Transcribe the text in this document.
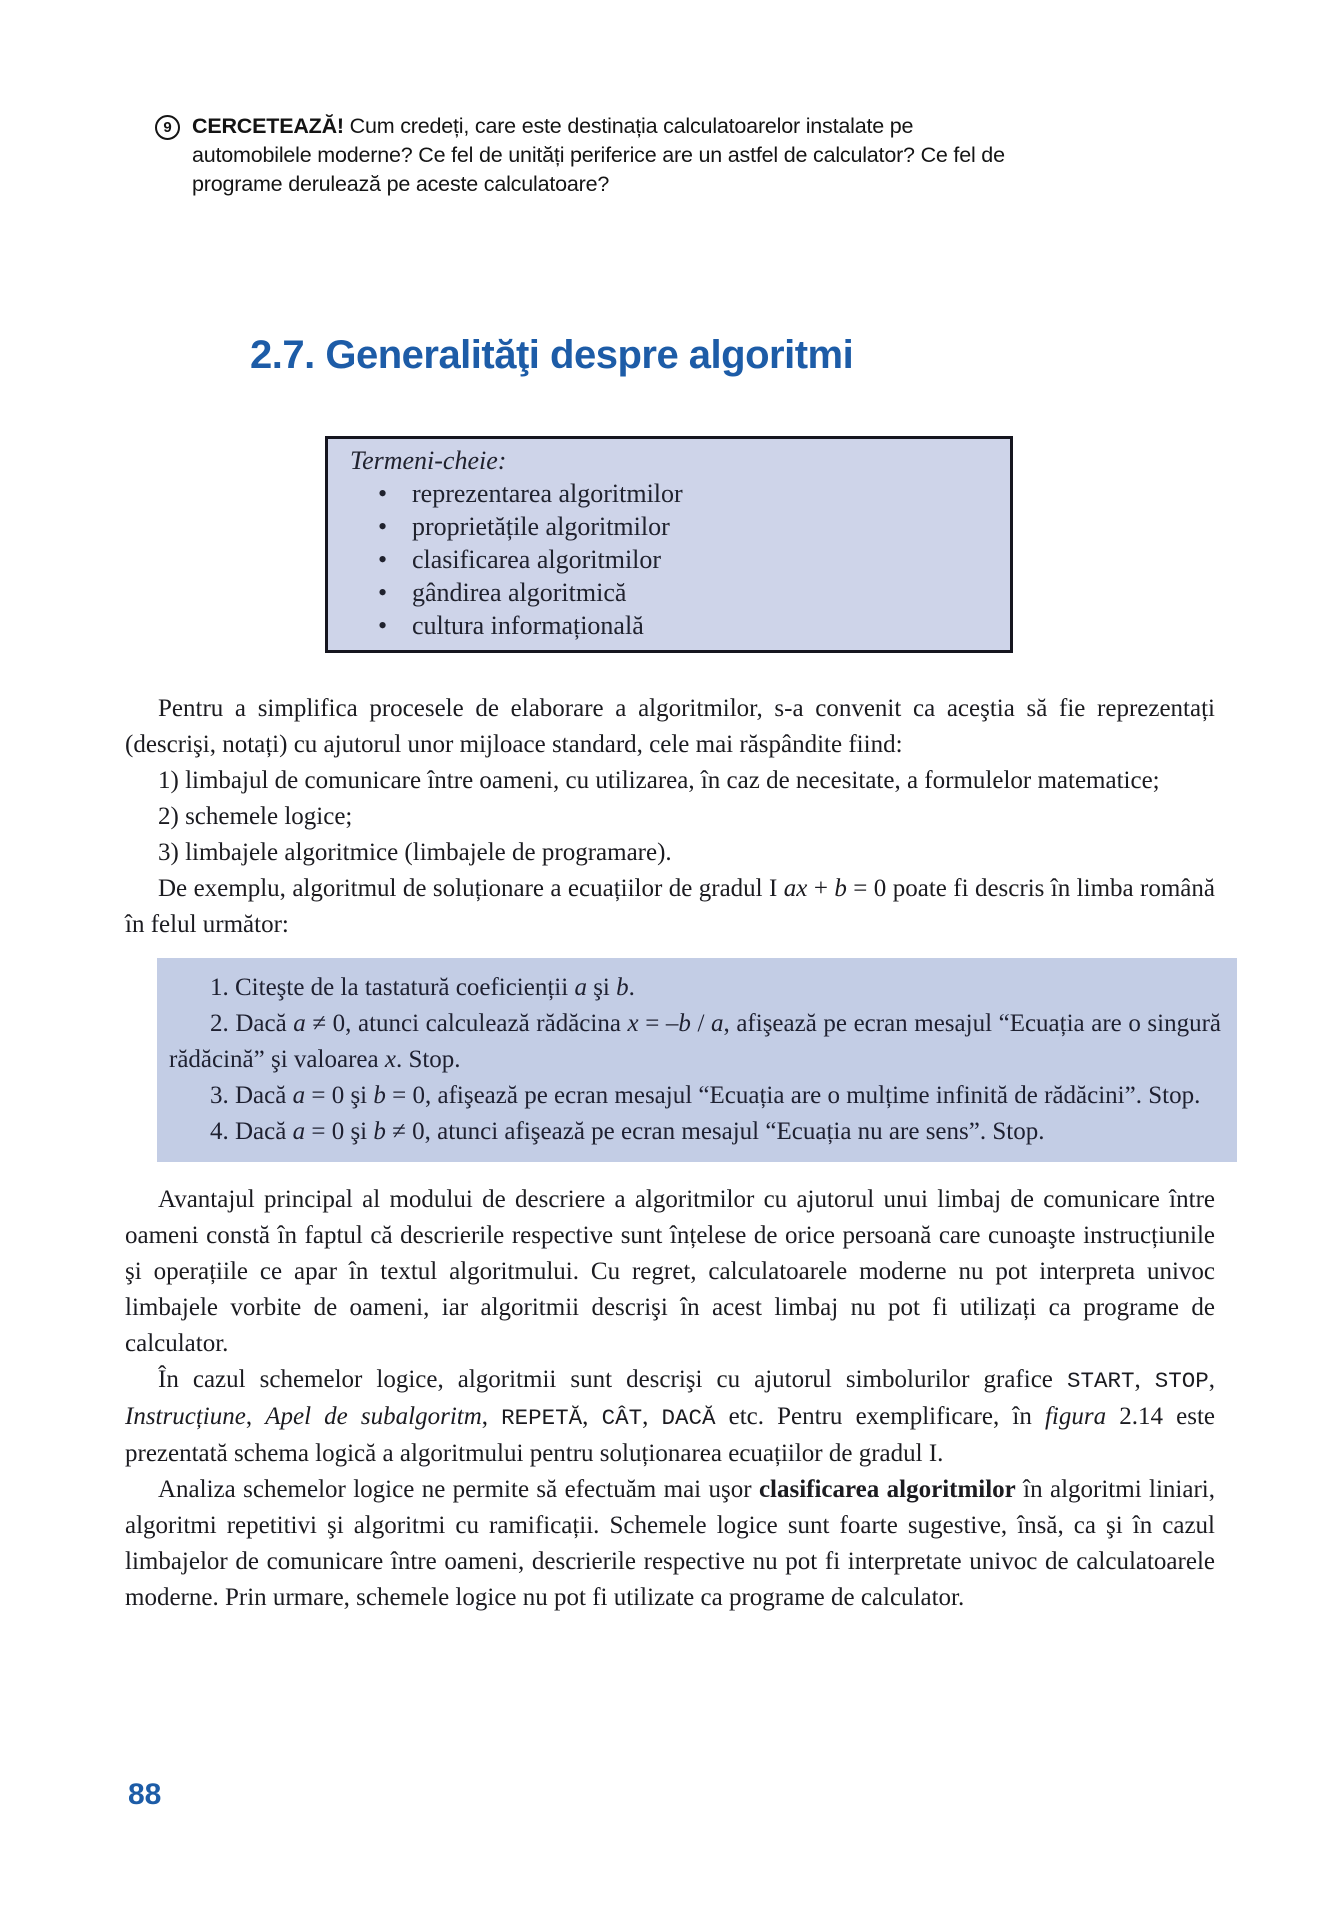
9 CERCETEAZĂ! Cum credeți, care este destinația calculatoarelor instalate pe automobilele moderne? Ce fel de unități periferice are un astfel de calculator? Ce fel de programe derulează pe aceste calculatoare?
2.7. Generalităţi despre algoritmi

Termeni-cheie:

• reprezentarea algoritmilor
• proprietățile algoritmilor
• clasificarea algoritmilor
• gândirea algoritmică
• cultura informațională

Pentru a simplifica procesele de elaborare a algoritmilor, s-a convenit ca aceştia să fie reprezentați (descrişi, notați) cu ajutorul unor mijloace standard, cele mai răspândite fiind:

1) limbajul de comunicare între oameni, cu utilizarea, în caz de necesitate, a formulelor matematice;

2) schemele logice;

3) limbajele algoritmice (limbajele de programare).

De exemplu, algoritmul de soluționare a ecuațiilor de gradul I ax + b = 0 poate fi descris în limba română în felul următor:

1. Citeşte de la tastatură coeficienții a şi b.

2. Dacă a ≠ 0, atunci calculează rădăcina x = –b / a, afişează pe ecran mesajul “Ecuația are o singură rădăcină” şi valoarea x. Stop.

3. Dacă a = 0 şi b = 0, afişează pe ecran mesajul “Ecuația are o mulțime infinită de rădăcini”. Stop.

4. Dacă a = 0 şi b ≠ 0, atunci afişează pe ecran mesajul “Ecuația nu are sens”. Stop.

Avantajul principal al modului de descriere a algoritmilor cu ajutorul unui limbaj de comunicare între oameni constă în faptul că descrierile respective sunt înțelese de orice persoană care cunoaşte instrucțiunile şi operațiile ce apar în textul algoritmului. Cu regret, calculatoarele moderne nu pot interpreta univoc limbajele vorbite de oameni, iar algoritmii descrişi în acest limbaj nu pot fi utilizați ca programe de calculator.

În cazul schemelor logice, algoritmii sunt descrişi cu ajutorul simbolurilor grafice START, STOP, Instrucțiune, Apel de subalgoritm, REPETĂ, CÂT, DACĂ etc. Pentru exemplificare, în figura 2.14 este prezentată schema logică a algoritmului pentru soluționarea ecuațiilor de gradul I.

Analiza schemelor logice ne permite să efectuăm mai uşor clasificarea algoritmilor în algoritmi liniari, algoritmi repetitivi şi algoritmi cu ramificații. Schemele logice sunt foarte sugestive, însă, ca şi în cazul limbajelor de comunicare între oameni, descrierile respective nu pot fi interpretate univoc de calculatoarele moderne. Prin urmare, schemele logice nu pot fi utilizate ca programe de calculator.

88
